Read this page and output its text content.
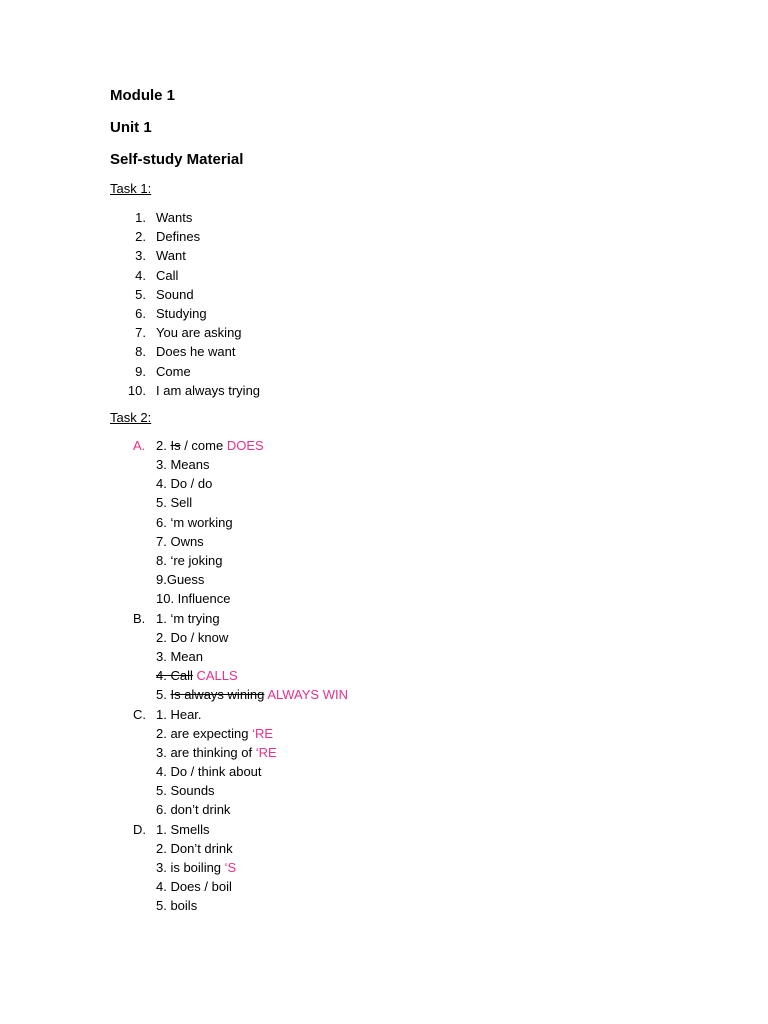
Module 1

Unit 1

Self-study Material

Task 1:

1. Wants
2. Defines
3. Want
4. Call
5. Sound
6. Studying
7. You are asking
8. Does he want
9. Come
10. I am always trying

Task 2:

A. 2. Is / come DOES
3. Means
4. Do / do
5. Sell
6. ‘m working
7. Owns
8. ‘re joking
9.Guess
10. Influence
B. 1. ‘m trying
2. Do / know
3. Mean
4. Call CALLS
5. Is always wining ALWAYS WIN
C. 1. Hear.
2. are expecting ‘RE
3. are thinking of ‘RE
4. Do / think about
5. Sounds
6. don’t drink
D. 1. Smells
2. Don’t drink
3. is boiling ‘S
4. Does / boil
5. boils
